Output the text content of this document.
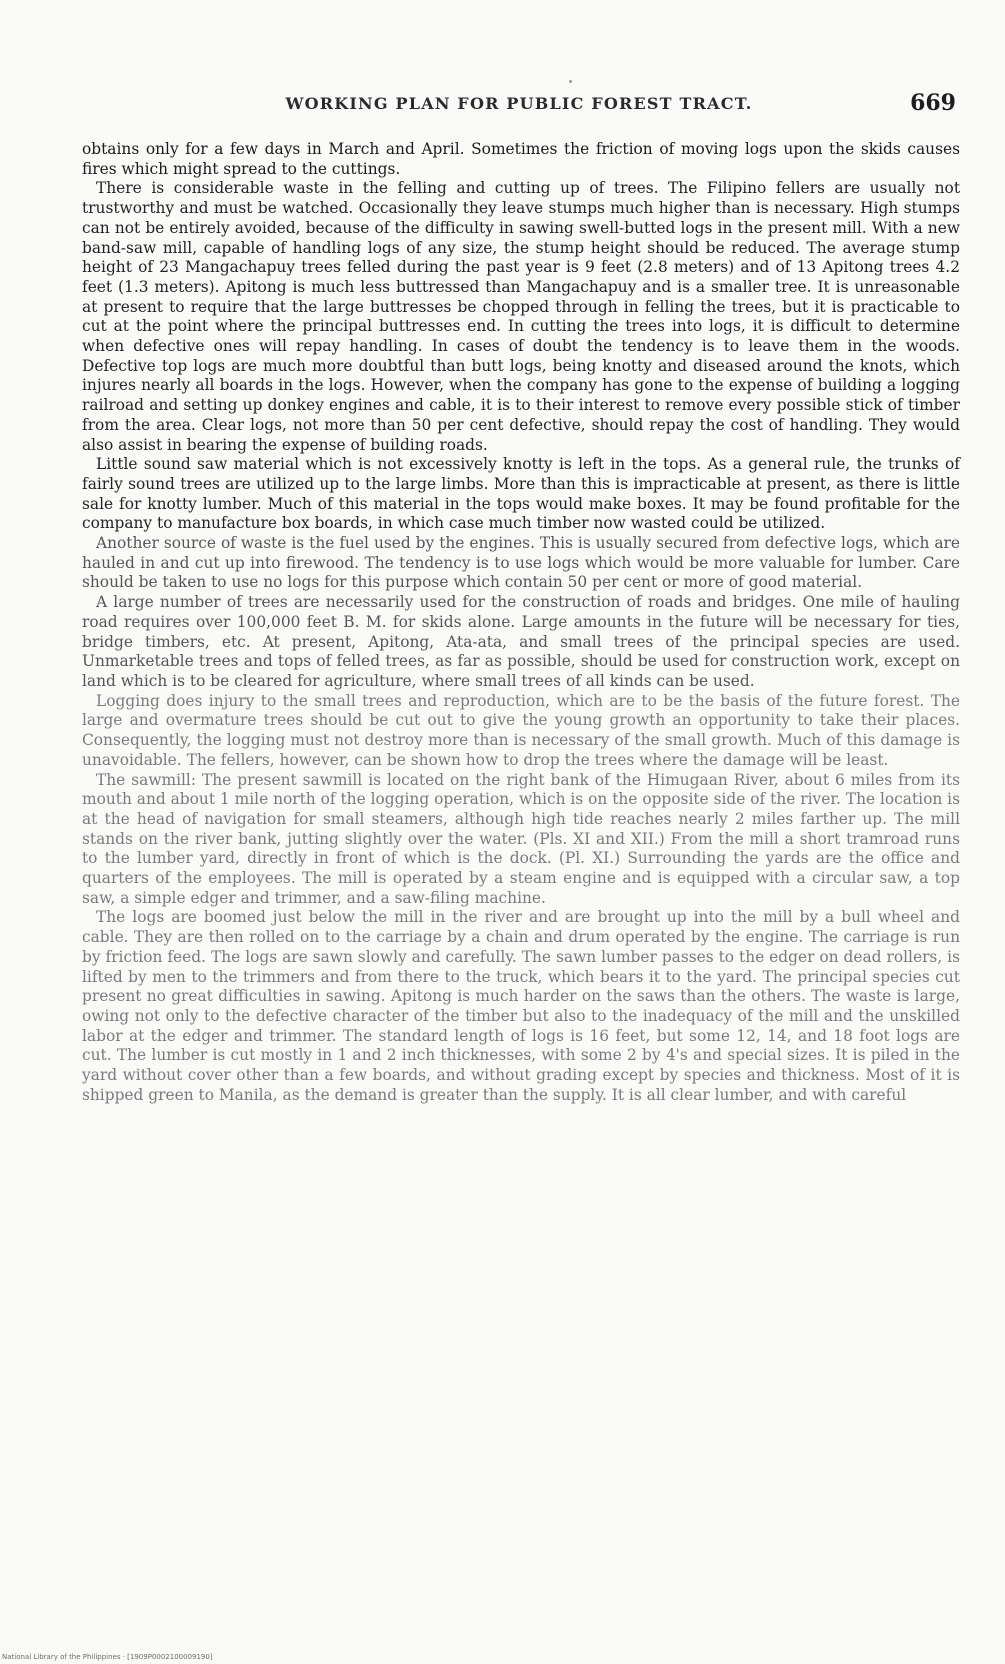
WORKING PLAN FOR PUBLIC FOREST TRACT.	669

obtains only for a few days in March and April. Sometimes the friction of moving logs upon the skids causes fires which might spread to the cuttings.

There is considerable waste in the felling and cutting up of trees. The Filipino fellers are usually not trustworthy and must be watched. Occasionally they leave stumps much higher than is necessary. High stumps can not be entirely avoided, because of the difficulty in sawing swell-butted logs in the present mill. With a new band-saw mill, capable of handling logs of any size, the stump height should be reduced. The average stump height of 23 Mangachapuy trees felled during the past year is 9 feet (2.8 meters) and of 13 Apitong trees 4.2 feet (1.3 meters). Apitong is much less buttressed than Mangachapuy and is a smaller tree. It is unreasonable at present to require that the large buttresses be chopped through in felling the trees, but it is practicable to cut at the point where the principal buttresses end. In cutting the trees into logs, it is difficult to determine when defective ones will repay handling. In cases of doubt the tendency is to leave them in the woods. Defective top logs are much more doubtful than butt logs, being knotty and diseased around the knots, which injures nearly all boards in the logs. However, when the company has gone to the expense of building a logging railroad and setting up donkey engines and cable, it is to their interest to remove every possible stick of timber from the area. Clear logs, not more than 50 per cent defective, should repay the cost of handling. They would also assist in bearing the expense of building roads.

Little sound saw material which is not excessively knotty is left in the tops. As a general rule, the trunks of fairly sound trees are utilized up to the large limbs. More than this is impracticable at present, as there is little sale for knotty lumber. Much of this material in the tops would make boxes. It may be found profitable for the company to manufacture box boards, in which case much timber now wasted could be utilized.

Another source of waste is the fuel used by the engines. This is usually secured from defective logs, which are hauled in and cut up into firewood. The tendency is to use logs which would be more valuable for lumber. Care should be taken to use no logs for this purpose which contain 50 per cent or more of good material.

A large number of trees are necessarily used for the construction of roads and bridges. One mile of hauling road requires over 100,000 feet B. M. for skids alone. Large amounts in the future will be necessary for ties, bridge timbers, etc. At present, Apitong, Ata-ata, and small trees of the principal species are used. Unmarketable trees and tops of felled trees, as far as possible, should be used for construction work, except on land which is to be cleared for agriculture, where small trees of all kinds can be used.

Logging does injury to the small trees and reproduction, which are to be the basis of the future forest. The large and overmature trees should be cut out to give the young growth an opportunity to take their places. Consequently, the logging must not destroy more than is necessary of the small growth. Much of this damage is unavoidable. The fellers, however, can be shown how to drop the trees where the damage will be least.

The sawmill: The present sawmill is located on the right bank of the Himugaan River, about 6 miles from its mouth and about 1 mile north of the logging operation, which is on the opposite side of the river. The location is at the head of navigation for small steamers, although high tide reaches nearly 2 miles farther up. The mill stands on the river bank, jutting slightly over the water. (Pls. XI and XII.) From the mill a short tramroad runs to the lumber yard, directly in front of which is the dock. (Pl. XI.) Surrounding the yards are the office and quarters of the employees. The mill is operated by a steam engine and is equipped with a circular saw, a top saw, a simple edger and trimmer, and a saw-filing machine.

The logs are boomed just below the mill in the river and are brought up into the mill by a bull wheel and cable. They are then rolled on to the carriage by a chain and drum operated by the engine. The carriage is run by friction feed. The logs are sawn slowly and carefully. The sawn lumber passes to the edger on dead rollers, is lifted by men to the trimmers and from there to the truck, which bears it to the yard. The principal species cut present no great difficulties in sawing. Apitong is much harder on the saws than the others. The waste is large, owing not only to the defective character of the timber but also to the inadequacy of the mill and the unskilled labor at the edger and trimmer. The standard length of logs is 16 feet, but some 12, 14, and 18 foot logs are cut. The lumber is cut mostly in 1 and 2 inch thicknesses, with some 2 by 4's and special sizes. It is piled in the yard without cover other than a few boards, and without grading except by species and thickness. Most of it is shipped green to Manila, as the demand is greater than the supply. It is all clear lumber, and with careful

National Library of the Philippines · [1909P0002100009190]
